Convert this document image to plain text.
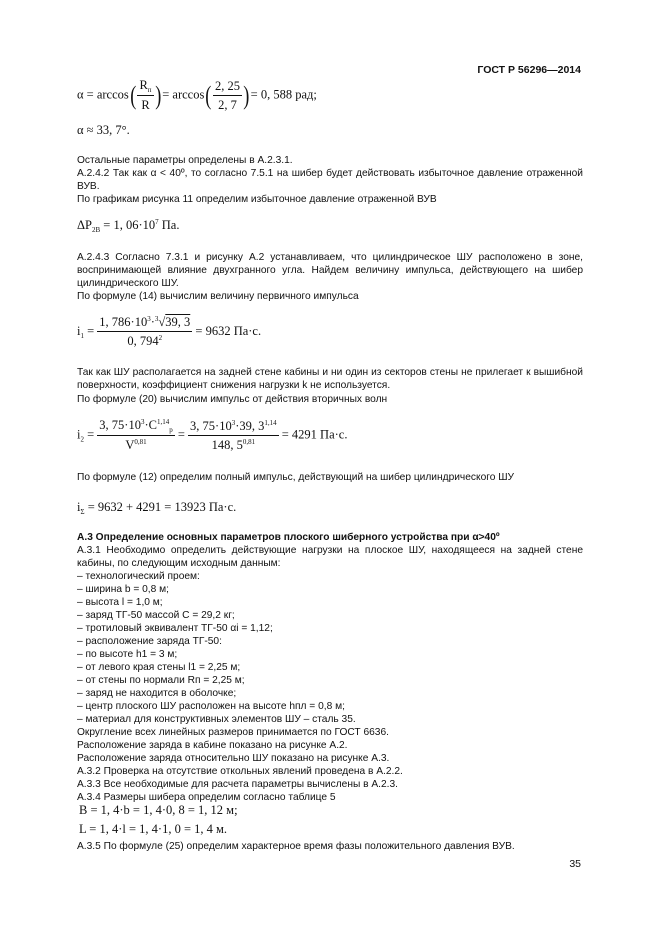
ГОСТ Р 56296—2014
$\alpha = \arccos( \frac{R_п}{R}$ )= $\arccos( \frac{2, 25}{2, 7}$ )= 0, 588 рад;
α ≈ 33, 7°.
Остальные параметры определены в А.2.3.1.
А.2.4.2 Так как α < 40º, то согласно 7.5.1 на шибер будет действовать избыточное давление отраженной ВУВ.
По графикам рисунка 11 определим избыточное давление отраженной ВУВ
$\Delta P_{2В} = 1$, $06\cdot 10^7$ Па.
А.2.4.3 Согласно 7.3.1 и рисунку А.2 устанавливаем, что цилиндрическое ШУ расположено в зоне, воспринимающей влияние двухгранного угла. Найдем величину импульса, действующего на шибер цилиндрического ШУ.
По формуле (14) вычислим величину первичного импульса
$i_1 = \frac{1, 786\cdot 10^3\cdot^3√39, 3}{0, 794^2} = 9632$ Па·с.
Так как ШУ располагается на задней стене кабины и ни один из секторов стены не прилегает к вышибной поверхности, коэффициент снижения нагрузки k не используется.
По формуле (20) вычислим импульс от действия вторичных волн
$i_2 = \frac{3, 75\cdot 10^3\cdot C^{1,14}_р}{V^{0,81}} = \frac{3, 75\cdot 10^3\cdot 39, 3^{1,14}}{148, 5^{0,81}} = 4291$ Па·с.
По формуле (12) определим полный импульс, действующий на шибер цилиндрического ШУ
$i_\Sigma = 9632 + 4291 = 13923$ Па·с.
А.3 Определение основных параметров плоского шиберного устройства при α>40º
А.3.1 Необходимо определить действующие нагрузки на плоское ШУ, находящееся на задней стене кабины, по следующим исходным данным:
– технологический проем:
– ширина b = 0,8 м;
– высота l = 1,0 м;
– заряд ТГ-50 массой C = 29,2 кг;
– тротиловый эквивалент ТГ-50 αi = 1,12;
– расположение заряда ТГ-50:
– по высоте h1 = 3 м;
– от левого края стены l1 = 2,25 м;
– от стены по нормали Rп = 2,25 м;
– заряд не находится в оболочке;
– центр плоского ШУ расположен на высоте hпл = 0,8 м;
– материал для конструктивных элементов ШУ – сталь 35.
Округление всех линейных размеров принимается по ГОСТ 6636.
Расположение заряда в кабине показано на рисунке А.2.
Расположение заряда относительно ШУ показано на рисунке А.3.
А.3.2 Проверка на отсутствие откольных явлений проведена в А.2.2.
А.3.3 Все необходимые для расчета параметры вычислены в А.2.3.
А.3.4 Размеры шибера определим согласно таблице 5
B = 1, 4·b = 1, 4·0, 8 = 1, 12 м;
L = 1, 4·l = 1, 4·1, 0 = 1, 4 м.
А.3.5 По формуле (25) определим характерное время фазы положительного давления ВУВ.
35
